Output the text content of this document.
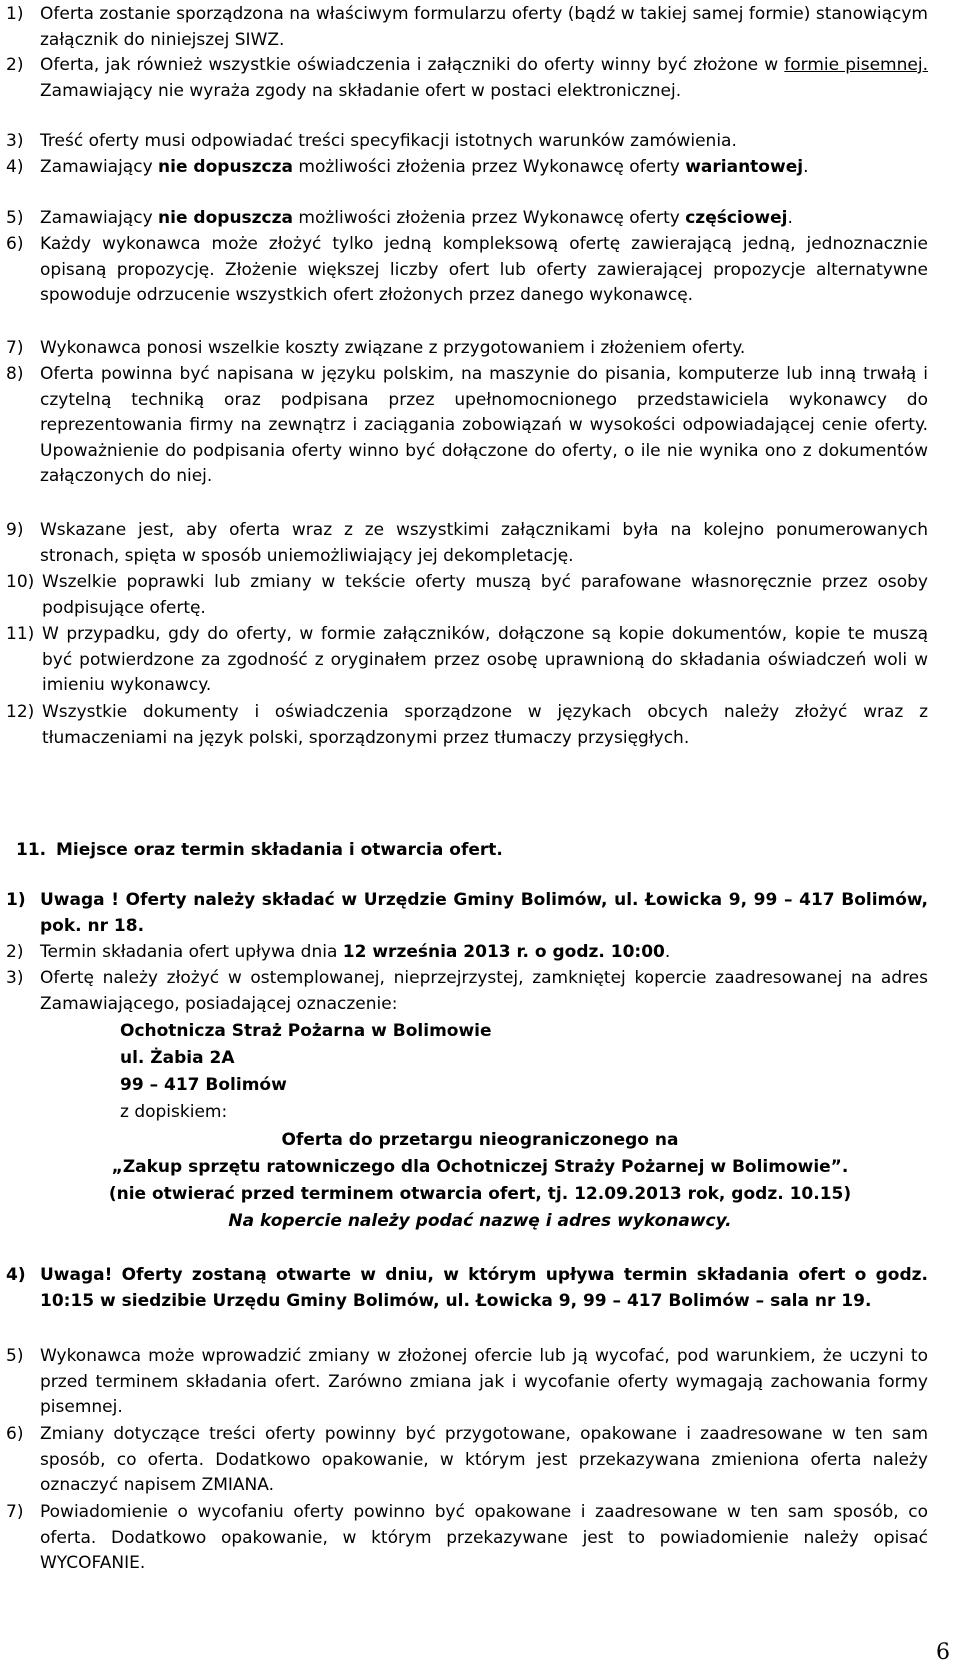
1) Oferta zostanie sporządzona na właściwym formularzu oferty (bądź w takiej samej formie) stanowiącym załącznik do niniejszej SIWZ.
2) Oferta, jak również wszystkie oświadczenia i załączniki do oferty winny być złożone w formie pisemnej. Zamawiający nie wyraża zgody na składanie ofert w postaci elektronicznej.
3) Treść oferty musi odpowiadać treści specyfikacji istotnych warunków zamówienia.
4) Zamawiający nie dopuszcza możliwości złożenia przez Wykonawcę oferty wariantowej.
5) Zamawiający nie dopuszcza możliwości złożenia przez Wykonawcę oferty częściowej.
6) Każdy wykonawca może złożyć tylko jedną kompleksową ofertę zawierającą jedną, jednoznacznie opisaną propozycję. Złożenie większej liczby ofert lub oferty zawierającej propozycje alternatywne spowoduje odrzucenie wszystkich ofert złożonych przez danego wykonawcę.
7) Wykonawca ponosi wszelkie koszty związane z przygotowaniem i złożeniem oferty.
8) Oferta powinna być napisana w języku polskim, na maszynie do pisania, komputerze lub inną trwałą i czytelną techniką oraz podpisana przez upełnomocnionego przedstawiciela wykonawcy do reprezentowania firmy na zewnątrz i zaciągania zobowiązań w wysokości odpowiadającej cenie oferty. Upoważnienie do podpisania oferty winno być dołączone do oferty, o ile nie wynika ono z dokumentów załączonych do niej.
9) Wskazane jest, aby oferta wraz z ze wszystkimi załącznikami była na kolejno ponumerowanych stronach, spięta w sposób uniemożliwiający jej dekompletację.
10) Wszelkie poprawki lub zmiany w tekście oferty muszą być parafowane własnoręcznie przez osoby podpisujące ofertę.
11) W przypadku, gdy do oferty, w formie załączników, dołączone są kopie dokumentów, kopie te muszą być potwierdzone za zgodność z oryginałem przez osobę uprawnioną do składania oświadczeń woli w imieniu wykonawcy.
12) Wszystkie dokumenty i oświadczenia sporządzone w językach obcych należy złożyć wraz z tłumaczeniami na język polski, sporządzonymi przez tłumaczy przysięgłych.
11. Miejsce oraz termin składania i otwarcia ofert.
1) Uwaga ! Oferty należy składać w Urzędzie Gminy Bolimów, ul. Łowicka 9, 99 – 417 Bolimów, pok. nr 18.
2) Termin składania ofert upływa dnia 12 września 2013 r. o godz. 10:00.
3) Ofertę należy złożyć w ostemplowanej, nieprzejrzystej, zamkniętej kopercie zaadresowanej na adres Zamawiającego, posiadającej oznaczenie:
Ochotnicza Straż Pożarna w Bolimowie
ul. Żabia 2A
99 – 417 Bolimów
z dopiskiem:
Oferta do przetargu nieograniczonego na
„Zakup sprzętu ratowniczego dla Ochotniczej Straży Pożarnej w Bolimowie”.
(nie otwierać przed terminem otwarcia ofert, tj. 12.09.2013 rok, godz. 10.15)
Na kopercie należy podać nazwę i adres wykonawcy.
4) Uwaga! Oferty zostaną otwarte w dniu, w którym upływa termin składania ofert o godz. 10:15 w siedzibie Urzędu Gminy Bolimów, ul. Łowicka 9, 99 – 417 Bolimów – sala nr 19.
5) Wykonawca może wprowadzić zmiany w złożonej ofercie lub ją wycofać, pod warunkiem, że uczyni to przed terminem składania ofert. Zarówno zmiana jak i wycofanie oferty wymagają zachowania formy pisemnej.
6) Zmiany dotyczące treści oferty powinny być przygotowane, opakowane i zaadresowane w ten sam sposób, co oferta. Dodatkowo opakowanie, w którym jest przekazywana zmieniona oferta należy oznaczyć napisem ZMIANA.
7) Powiadomienie o wycofaniu oferty powinno być opakowane i zaadresowane w ten sam sposób, co oferta. Dodatkowo opakowanie, w którym przekazywane jest to powiadomienie należy opisać WYCOFANIE.
6
